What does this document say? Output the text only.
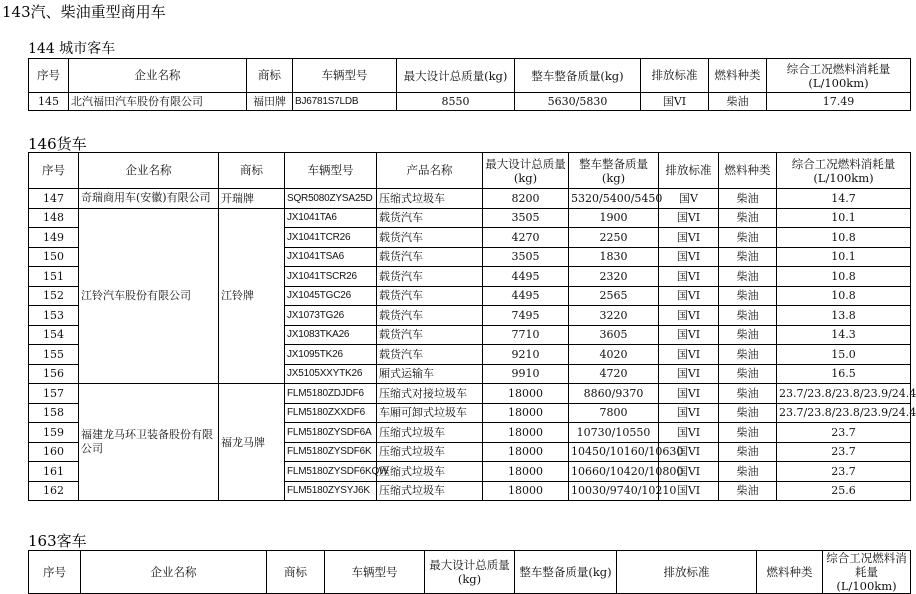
143汽、柴油重型商用车
144 城市客车
序号	企业名称	商标	车辆型号	最大设计总质量(kg)	整车整备质量(kg)	排放标准	燃料种类	综合工况燃料消耗量(L/100km)
145	北汽福田汽车股份有限公司	福田牌	BJ6781S7LDB	8550	5630/5830	国VI	柴油	17.49
146货车
序号	企业名称	商标	车辆型号	产品名称	最大设计总质量(kg)	整车整备质量(kg)	排放标准	燃料种类	综合工况燃料消耗量(L/100km)
147	奇瑞商用车(安徽)有限公司	开瑞牌	SQR5080ZYSA25D	压缩式垃圾车	8200	5320/5400/5450	国V	柴油	14.7
148	江铃汽车股份有限公司	江铃牌	JX1041TA6	载货汽车	3505	1900	国VI	柴油	10.1
149			JX1041TCR26	载货汽车	4270	2250	国VI	柴油	10.8
150			JX1041TSA6	载货汽车	3505	1830	国VI	柴油	10.1
151			JX1041TSCR26	载货汽车	4495	2320	国VI	柴油	10.8
152			JX1045TGC26	载货汽车	4495	2565	国VI	柴油	10.8
153			JX1073TG26	载货汽车	7495	3220	国VI	柴油	13.8
154			JX1083TKA26	载货汽车	7710	3605	国VI	柴油	14.3
155			JX1095TK26	载货汽车	9210	4020	国VI	柴油	15.0
156			JX5105XXYTK26	厢式运输车	9910	4720	国VI	柴油	16.5
157	福建龙马环卫装备股份有限公司	福龙马牌	FLM5180ZDJDF6	压缩式对接垃圾车	18000	8860/9370	国VI	柴油	23.7/23.8/23.8/23.9/24.4
158			FLM5180ZXXDF6	车厢可卸式垃圾车	18000	7800	国VI	柴油	23.7/23.8/23.8/23.9/24.4
159			FLM5180ZYSDF6A	压缩式垃圾车	18000	10730/10550	国VI	柴油	23.7
160			FLM5180ZYSDF6K	压缩式垃圾车	18000	10450/10160/10630	国VI	柴油	23.7
161			FLM5180ZYSDF6KQW	压缩式垃圾车	18000	10660/10420/10800	国VI	柴油	23.7
162			FLM5180ZYSYJ6K	压缩式垃圾车	18000	10030/9740/10210	国VI	柴油	25.6
163客车
序号	企业名称	商标	车辆型号	最大设计总质量(kg)	整车整备质量(kg)	排放标准	燃料种类	综合工况燃料消耗量(L/100km)
